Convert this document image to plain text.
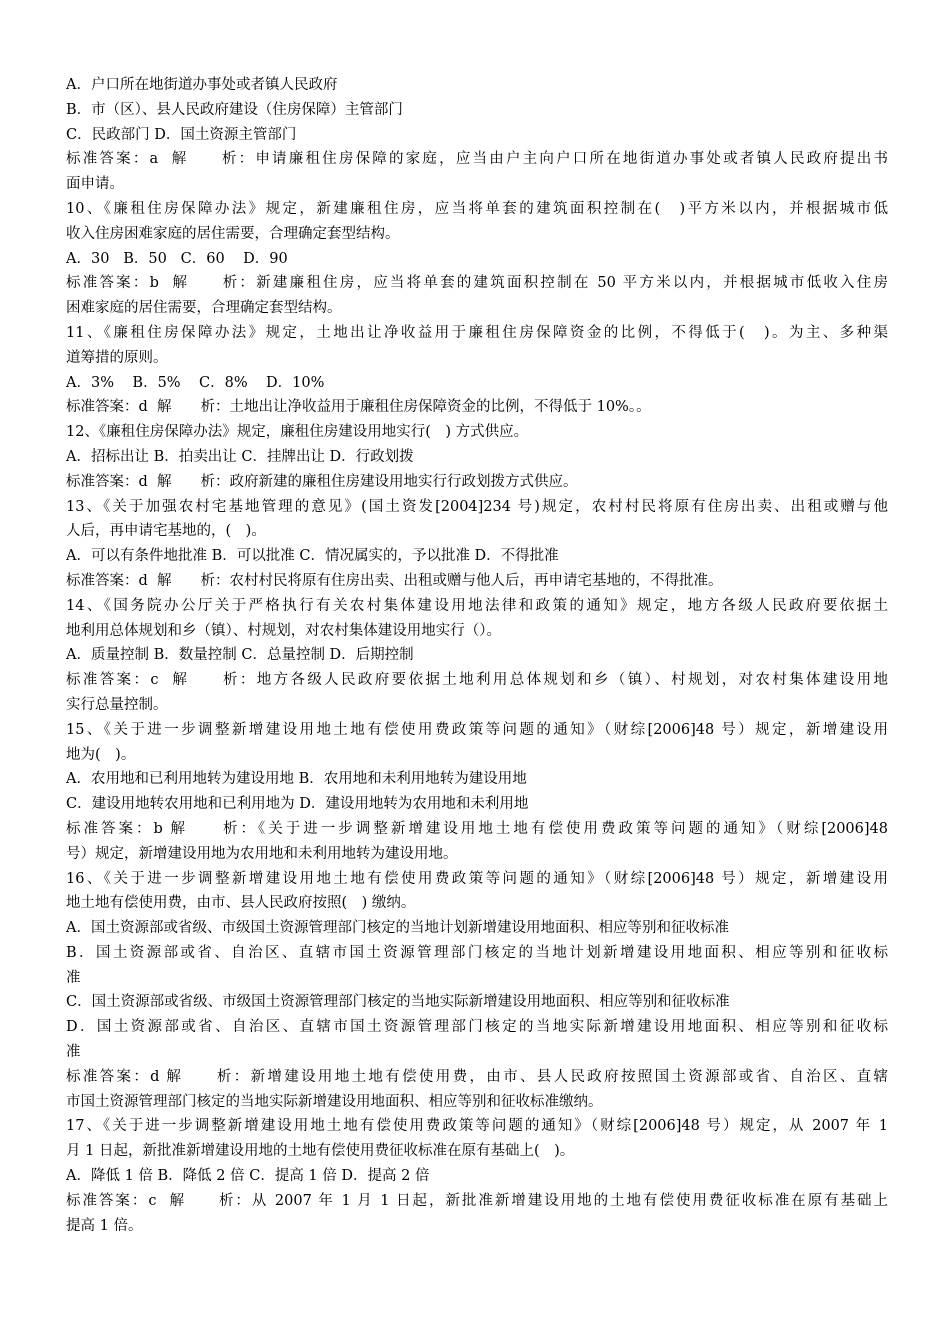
A．户口所在地街道办事处或者镇人民政府
B．市（区）、县人民政府建设（住房保障）主管部门
C．民政部门 D．国土资源主管部门
标准答案：a  解　　析：申请廉租住房保障的家庭，应当由户主向户口所在地街道办事处或者镇人民政府提出书
面申请。
10、《廉租住房保障办法》规定，新建廉租住房，应当将单套的建筑面积控制在(　)平方米以内，并根据城市低
收入住房困难家庭的居住需要，合理确定套型结构。
A．30   B．50   C．60    D．90
标准答案：b  解　　析：新建廉租住房，应当将单套的建筑面积控制在 50 平方米以内，并根据城市低收入住房
困难家庭的居住需要，合理确定套型结构。
11、《廉租住房保障办法》规定，土地出让净收益用于廉租住房保障资金的比例，不得低于(　)。为主、多种渠
道筹措的原则。
A．3%    B．5%    C．8%    D．10%
标准答案：d  解　　析：土地出让净收益用于廉租住房保障资金的比例，不得低于 10%。。
12、《廉租住房保障办法》规定，廉租住房建设用地实行(　) 方式供应。
A．招标出让 B．拍卖出让 C．挂牌出让 D．行政划拨
标准答案：d  解　　析：政府新建的廉租住房建设用地实行行政划拨方式供应。
13、《关于加强农村宅基地管理的意见》(国土资发[2004]234 号)规定，农村村民将原有住房出卖、出租或赠与他
人后，再申请宅基地的，(　)。
A．可以有条件地批准 B．可以批准 C．情况属实的，予以批准 D．不得批准
标准答案：d  解　　析：农村村民将原有住房出卖、出租或赠与他人后，再申请宅基地的，不得批准。
14、《国务院办公厅关于严格执行有关农村集体建设用地法律和政策的通知》规定，地方各级人民政府要依据土
地利用总体规划和乡（镇）、村规划，对农村集体建设用地实行（）。
A．质量控制 B．数量控制 C．总量控制 D．后期控制
标准答案：c  解　　析：地方各级人民政府要依据土地利用总体规划和乡（镇）、村规划，对农村集体建设用地
实行总量控制。
15、《关于进一步调整新增建设用地土地有偿使用费政策等问题的通知》（财综[2006]48 号）规定，新增建设用
地为(　)。
A．农用地和已利用地转为建设用地 B．农用地和未利用地转为建设用地
C．建设用地转农用地和已利用地为 D．建设用地转为农用地和未利用地
标准答案：b 解　　析：《关于进一步调整新增建设用地土地有偿使用费政策等问题的通知》（财综[2006]48
号）规定，新增建设用地为农用地和未利用地转为建设用地。
16、《关于进一步调整新增建设用地土地有偿使用费政策等问题的通知》（财综[2006]48 号）规定，新增建设用
地土地有偿使用费，由市、县人民政府按照(　) 缴纳。
A．国土资源部或省级、市级国土资源管理部门核定的当地计划新增建设用地面积、相应等别和征收标准
B．国土资源部或省、自治区、直辖市国土资源管理部门核定的当地计划新增建设用地面积、相应等别和征收标
准
C．国土资源部或省级、市级国土资源管理部门核定的当地实际新增建设用地面积、相应等别和征收标准
D．国土资源部或省、自治区、直辖市国土资源管理部门核定的当地实际新增建设用地面积、相应等别和征收标
准
标准答案：d 解　　析：新增建设用地土地有偿使用费，由市、县人民政府按照国土资源部或省、自治区、直辖
市国土资源管理部门核定的当地实际新增建设用地面积、相应等别和征收标准缴纳。
17、《关于进一步调整新增建设用地土地有偿使用费政策等问题的通知》（财综[2006]48 号）规定，从 2007 年 1
月 1 日起，新批准新增建设用地的土地有偿使用费征收标准在原有基础上(　)。
A．降低 1 倍 B．降低 2 倍 C．提高 1 倍 D．提高 2 倍
标准答案：c  解　　析：从 2007 年 1 月 1 日起，新批准新增建设用地的土地有偿使用费征收标准在原有基础上
提高 1 倍。
